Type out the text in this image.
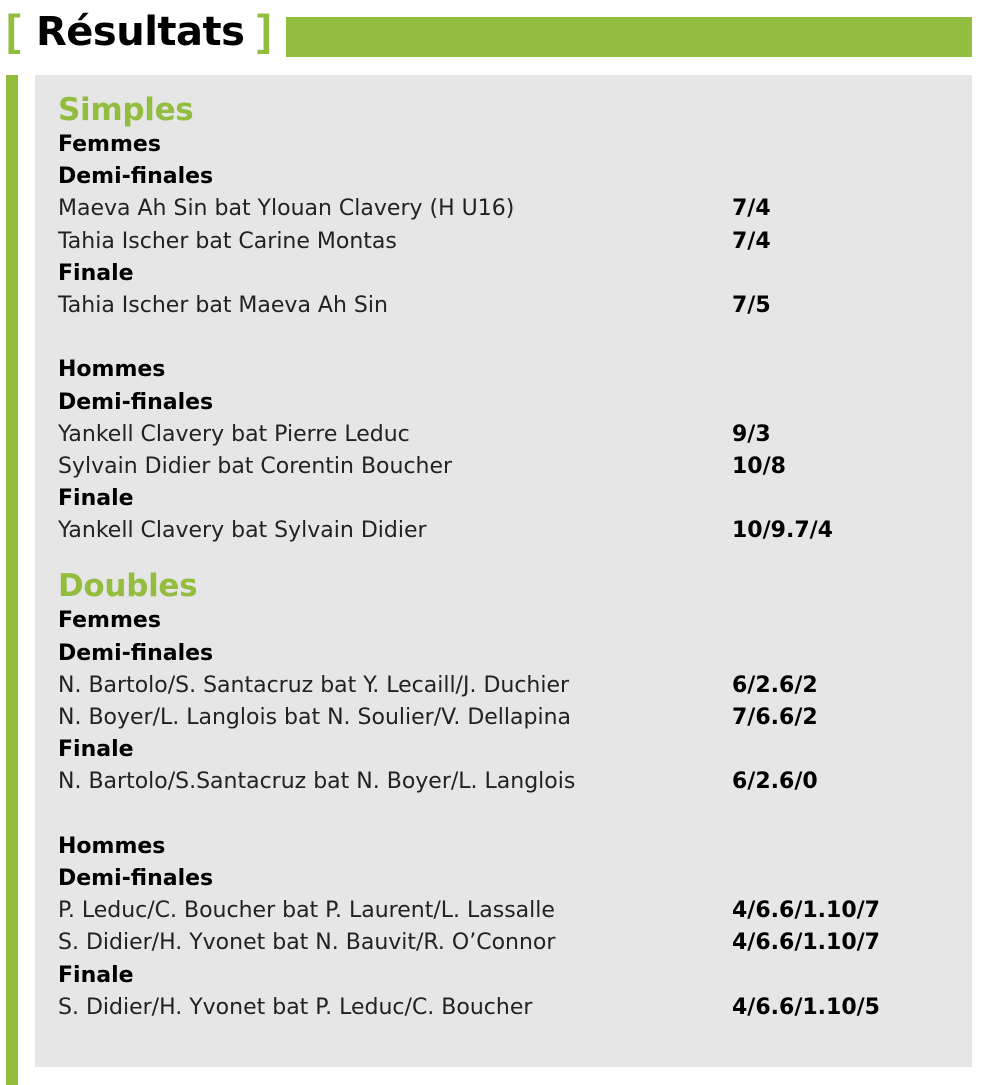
[ Résultats ]
Simples
Femmes
Demi-finales
Maeva Ah Sin bat Ylouan Clavery (H U16)	7/4
Tahia Ischer bat Carine Montas	7/4
Finale
Tahia Ischer bat Maeva Ah Sin	7/5
Hommes
Demi-finales
Yankell Clavery bat Pierre Leduc	9/3
Sylvain Didier bat Corentin Boucher	10/8
Finale
Yankell Clavery bat Sylvain Didier	10/9.7/4
Doubles
Femmes
Demi-finales
N. Bartolo/S. Santacruz bat Y. Lecaill/J. Duchier	6/2.6/2
N. Boyer/L. Langlois bat N. Soulier/V. Dellapina	7/6.6/2
Finale
N. Bartolo/S.Santacruz bat N. Boyer/L. Langlois	6/2.6/0
Hommes
Demi-finales
P. Leduc/C. Boucher bat P. Laurent/L. Lassalle	4/6.6/1.10/7
S. Didier/H. Yvonet bat N. Bauvit/R. O’Connor	4/6.6/1.10/7
Finale
S. Didier/H. Yvonet bat P. Leduc/C. Boucher	4/6.6/1.10/5
